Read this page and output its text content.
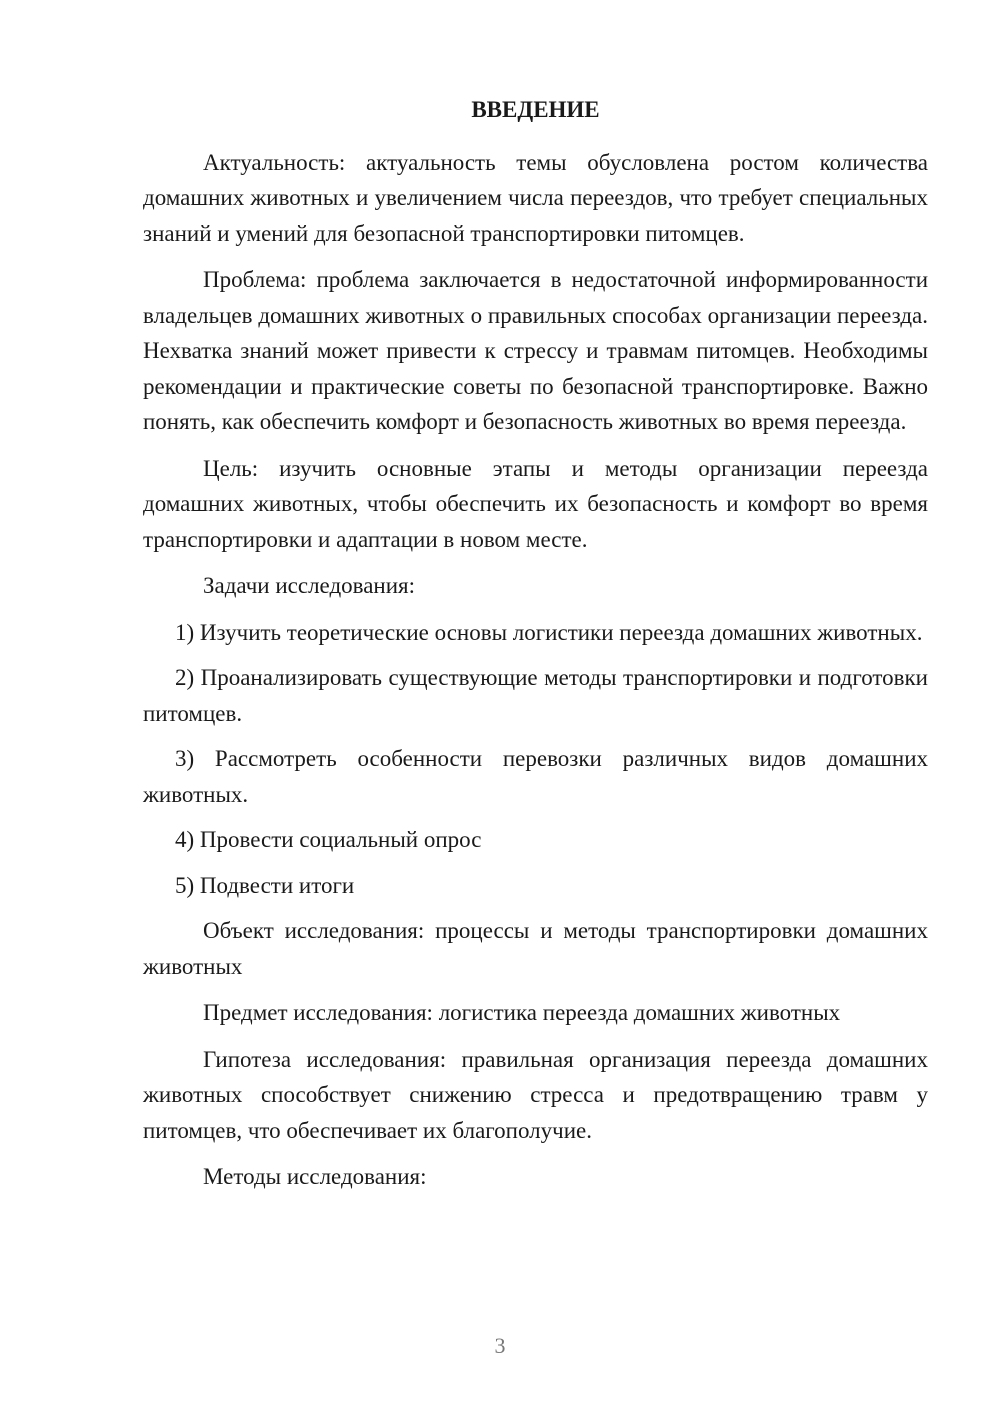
ВВЕДЕНИЕ

Актуальность: актуальность темы обусловлена ростом количества домашних животных и увеличением числа переездов, что требует специальных знаний и умений для безопасной транспортировки питомцев.

Проблема: проблема заключается в недостаточной информированности владельцев домашних животных о правильных способах организации переезда. Нехватка знаний может привести к стрессу и травмам питомцев. Необходимы рекомендации и практические советы по безопасной транспортировке. Важно понять, как обеспечить комфорт и безопасность животных во время переезда.

Цель: изучить основные этапы и методы организации переезда домашних животных, чтобы обеспечить их безопасность и комфорт во время транспортировки и адаптации в новом месте.

Задачи исследования:

1) Изучить теоретические основы логистики переезда домашних животных.

2) Проанализировать существующие методы транспортировки и подготовки питомцев.

3) Рассмотреть особенности перевозки различных видов домашних животных.

4) Провести социальный опрос

5) Подвести итоги

Объект исследования: процессы и методы транспортировки домашних животных

Предмет исследования: логистика переезда домашних животных

Гипотеза исследования: правильная организация переезда домашних животных способствует снижению стресса и предотвращению травм у питомцев, что обеспечивает их благополучие.

Методы исследования:

3
